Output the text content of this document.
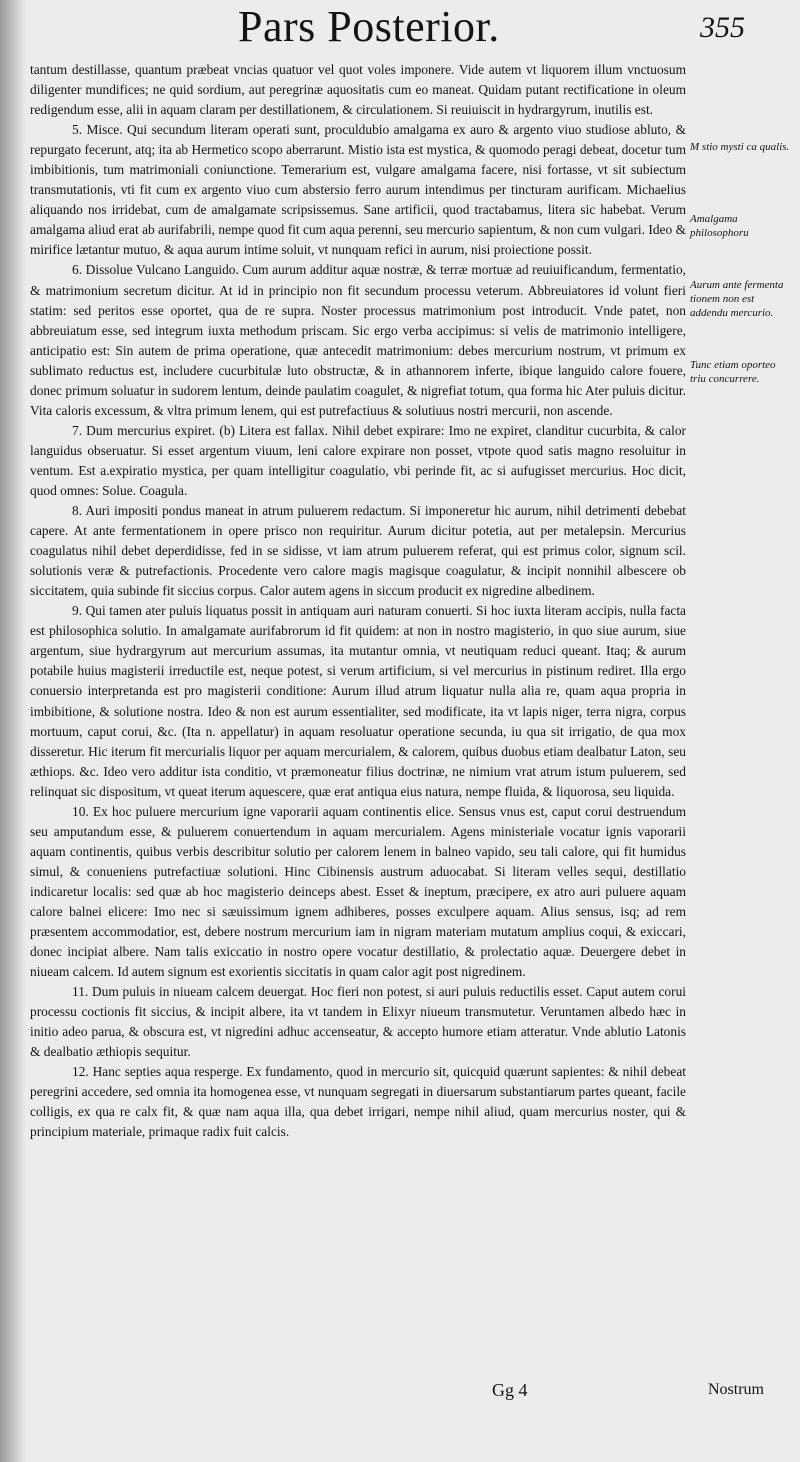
Pars Posterior.	355

tantum destillasse, quantum præbeat vncias quatuor vel quot voles imponere. Vide autem vt liquorem illum vnctuosum diligenter mundifices; ne quid sordium, aut peregrinæ aquositatis cum eo maneat. Quidam putant rectificatione in oleum redigendum esse, alii in aquam claram per destillationem, & circulationem. Si reuiuiscit in hydrargyrum, inutilis est.

5. Misce. Qui secundum literam operati sunt, proculdubio amalgama ex auro & argento viuo studiose abluto, & repurgato fecerunt, atq; ita ab Hermetico scopo aberrarunt. Mistio ista est mystica, & quomodo peragi debeat, docetur tum imbibitionis, tum matrimoniali coniunctione. Temerarium est, vulgare amalgama facere, nisi fortasse, vt sit subiectum transmutationis, vti fit cum ex argento viuo cum abstersio ferro aurum intendimus per tincturam aurificam. Michaelius aliquando nos irridebat, cum de amalgamate scripsissemus. Sane artificii, quod tractabamus, litera sic habebat. Verum amalgama aliud erat ab aurifabrili, nempe quod fit cum aqua perenni, seu mercurio sapientum, & non cum vulgari. Ideo & mirifice lætantur mutuo, & aqua aurum intime soluit, vt nunquam refici in aurum, nisi proiectione possit.

6. Dissolue Vulcano Languido. Cum aurum additur aquæ nostræ, & terræ mortuæ ad reuiuificandum, fermentatio, & matrimonium secretum dicitur. At id in principio non fit secundum processu veterum. Abbreuiatores id volunt fieri statim: sed peritos esse oportet, qua de re supra. Noster processus matrimonium post introducit. Vnde patet, non abbreuiatum esse, sed integrum iuxta methodum priscam. Sic ergo verba accipimus: si velis de matrimonio intelligere, anticipatio est: Sin autem de prima operatione, quæ antecedit matrimonium: debes mercurium nostrum, vt primum ex sublimato reductus est, includere cucurbitulæ luto obstructæ, & in athannorem inferte, ibique languido calore fouere, donec primum soluatur in sudorem lentum, deinde paulatim coagulet, & nigrefiat totum, qua forma hic Ater puluis dicitur. Vita caloris excessum, & vltra primum lenem, qui est putrefactiuus & solutiuus nostri mercurii, non ascende.

7. Dum mercurius expiret. (b) Litera est fallax. Nihil debet expirare: Imo ne expiret, clanditur cucurbita, & calor languidus obseruatur. Si esset argentum viuum, leni calore expirare non posset, vtpote quod satis magno resoluitur in ventum. Est a.expiratio mystica, per quam intelligitur coagulatio, vbi perinde fit, ac si aufugisset mercurius. Hoc dicit, quod omnes: Solue. Coagula.

8. Auri impositi pondus maneat in atrum puluerem redactum. Si imponeretur hic aurum, nihil detrimenti debebat capere. At ante fermentationem in opere prisco non requiritur. Aurum dicitur potetia, aut per metalepsin. Mercurius coagulatus nihil debet deperdidisse, fed in se sidisse, vt iam atrum puluerem referat, qui est primus color, signum scil. solutionis veræ & putrefactionis. Procedente vero calore magis magisque coagulatur, & incipit nonnihil albescere ob siccitatem, quia subinde fit siccius corpus. Calor autem agens in siccum producit ex nigredine albedinem.

9. Qui tamen ater puluis liquatus possit in antiquam auri naturam conuerti. Si hoc iuxta literam accipis, nulla facta est philosophica solutio. In amalgamate aurifabrorum id fit quidem: at non in nostro magisterio, in quo siue aurum, siue argentum, siue hydrargyrum aut mercurium assumas, ita mutantur omnia, vt neutiquam reduci queant. Itaq; & aurum potabile huius magisterii irreductile est, neque potest, si verum artificium, si vel mercurius in pistinum rediret. Illa ergo conuersio interpretanda est pro magisterii conditione: Aurum illud atrum liquatur nulla alia re, quam aqua propria in imbibitione, & solutione nostra. Ideo & non est aurum essentialiter, sed modificate, ita vt lapis niger, terra nigra, corpus mortuum, caput corui, &c. (Ita n. appellatur) in aquam resoluatur operatione secunda, iu qua sit irrigatio, de qua mox disseretur. Hic iterum fit mercurialis liquor per aquam mercurialem, & calorem, quibus duobus etiam dealbatur Laton, seu æthiops. &c. Ideo vero additur ista conditio, vt præmoneatur filius doctrinæ, ne nimium vrat atrum istum puluerem, sed relinquat sic dispositum, vt queat iterum aquescere, quæ erat antiqua eius natura, nempe fluida, & liquorosa, seu liquida.

10. Ex hoc puluere mercurium igne vaporarii aquam continentis elice. Sensus vnus est, caput corui destruendum seu amputandum esse, & puluerem conuertendum in aquam mercurialem. Agens ministeriale vocatur ignis vaporarii aquam continentis, quibus verbis describitur solutio per calorem lenem in balneo vapido, seu tali calore, qui fit humidus simul, & conueniens putrefactiuæ solutioni. Hinc Cibinensis austrum aduocabat. Si literam velles sequi, destillatio indicaretur localis: sed quæ ab hoc magisterio deinceps abest. Esset & ineptum, præcipere, ex atro auri puluere aquam calore balnei elicere: Imo nec si sæuissimum ignem adhiberes, posses exculpere aquam. Alius sensus, isq; ad rem præsentem accommodatior, est, debere nostrum mercurium iam in nigram materiam mutatum amplius coqui, & exiccari, donec incipiat albere. Nam talis exiccatio in nostro opere vocatur destillatio, & prolectatio aquæ. Deuergere debet in niueam calcem. Id autem signum est exorientis siccitatis in quam calor agit post nigredinem.

11. Dum puluis in niueam calcem deuergat. Hoc fieri non potest, si auri puluis reductilis esset. Caput autem corui processu coctionis fit siccius, & incipit albere, ita vt tandem in Elixyr niueum transmutetur. Veruntamen albedo hæc in initio adeo parua, & obscura est, vt nigredini adhuc accenseatur, & accepto humore etiam atteratur. Vnde ablutio Latonis & dealbatio æthiopis sequitur.

12. Hanc septies aqua resperge. Ex fundamento, quod in mercurio sit, quicquid quærunt sapientes: & nihil debeat peregrini accedere, sed omnia ita homogenea esse, vt nunquam segregati in diuersarum substantiarum partes queant, facile colligis, ex qua re calx fit, & quæ nam aqua illa, qua debet irrigari, nempe nihil aliud, quam mercurius noster, qui & principium materiale, primaque radix fuit calcis.

M stio mysti ca qualis.
Amalgama philosophoru
Aurum ante fermenta tionem non est addendu mercurio.
Tunc etiam oporteo triu concurrere.
Gg 4	Nostrum
